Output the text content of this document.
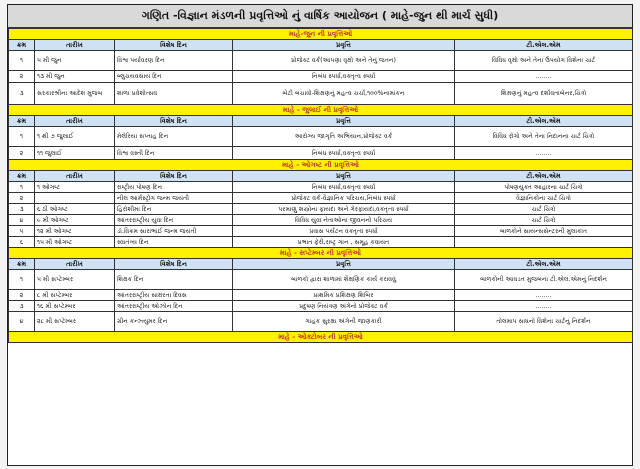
ગણિત -વિજ્ઞાન મંડળની પ્રવૃત્તિઓ નું વાર્ષિક આયોજન ( માહે-જુન થી માર્ચ સુધી)
માહે-જુન ની પ્રવૃત્તિઓ				
ક્રમ	તારીખ	વિશેષ દિન	પ્રવૃત્તિ	ટી.એલ.એમ
૧	૫ મી જુન	વિશ્વ પર્યાવરણ દિન	પ્રોજેક્ટ વર્ક(આપણા વૃક્ષો અને તેનું જતન)	વિવિધ વૃક્ષો અને તેના ઉપયોગ વિશેના ચાર્ટ
૨	૧૩ મી જુન	બ્લુચયવસાય દિન	નિબંધ સ્પર્ધા,વક્તૃત્વ સ્પર્ધા	........
૩	સરકારશ્રીના આદેશ મુજબ	શાળા પ્રવેશોત્સવ	બેટી બચાવો-શિક્ષણનું મહત્વ ચર્ચા,૧૦૦%નામાંકન	શિક્ષણનું મહત્વ દર્શાવતાબેનર,ચિત્રો
માહે - જુલાઈ ની પ્રવૃત્તિઓ				
ક્રમ	તારીખ	વિશેષ દિન	પ્રવૃત્તિ	ટી.એલ.એમ
૧	૧ થી ૭ જુલાઈ	મેલેરિયા સપ્તાહ દિન	આરોગ્ય જાગૃતિ અભિયાન,પ્રોજેક્ટ વર્ક	વિવિધ રોગો અને તેના નિદાનના ચાર્ટ ચિત્રો
૨	૧૧ જુલાઈ	વિશ્વ વસ્તી દિન	નિબંધ સ્પર્ધા,વક્તૃત્વ સ્પર્ધા	........
માહે - ઓગષ્ટ ની પ્રવૃત્તિઓ				
ક્રમ	તારીખ	વિશેષ દિન	પ્રવૃત્તિ	ટી.એલ.એમ
૧	૧ ઓગષ્ટ	રાષ્ટ્રીય પોષણ દિન	નિબંધ સ્પર્ધા,વક્તૃત્વ સ્પર્ધા	પોષણયુક્ત આહારના ચાર્ટ ચિત્રો
૨		નીલ આર્મસ્ટ્રોંગ જન્મ જયંતી	પ્રોજેક્ટ વર્ક-વૈજ્ઞાનિક પરિચય,નિબંધ સ્પર્ધા	વૈજ્ઞાનિકોના ચાર્ટ ચિત્રો
૩	૬ ઠી ઓગષ્ટ	હિરોશીમા દિન	પરમાણુ શસ્ત્રોના ફાયદા અને ગેરફાયદા,વક્તૃત્વ સ્પર્ધા	ચાર્ટ ચિત્રો
૪	૯ મી ઓગષ્ટ	આંતરરાષ્ટ્રીય યુવા દિન	વિવિધ યુવા નેતાઓના જીવનનો પરિચય	ચાર્ટ ચિત્રો
૫	૧૨ મી ઓગષ્ટ	ડૉ.વિક્રમ સારાભાઈ જન્મ જયંતી	પ્રવાસ પર્યટન વક્તૃત્વ સ્પર્ધા	બાળકોને સાયન્સસેન્ટરની મુલાકાત
૬	૧૫ મી ઓગષ્ટ	સ્વાતંત્ર્ય દિન	પ્રભાત ફેરી,રાષ્ટ્ર ગાન , સમૂહ કવાયત	
માહે - સપ્ટેમ્બર ની પ્રવૃત્તિઓ				
ક્રમ	તારીખ	વિશેષ દિન	પ્રવૃત્તિ	ટી.એલ.એમ
૧	૫ મી સપ્ટેમ્બર	શિક્ષક દિન	બાળકો દ્વારા શાળામાં શૈક્ષણિક કાર્ય કરાવવું	બાળકોની આવડત મુજબના ટી.એલ.એમનું નિદર્શન
૨	૮ મી સપ્ટેમ્બર	આંતરરાષ્ટ્રીય સાક્ષરતા દિવસ	પ્રાથમિક પ્રશિક્ષણ શિબિર	........
૩	૧૬ મી સપ્ટેમ્બર	આંતરરાષ્ટ્રીય ઓઝોન દિન	પ્રદુષણ નિયંત્રણ અંગેનો પ્રોજેક્ટ વર્ક	........
૪	૨૮ મી સપ્ટેમ્બર	ગ્રીન કન્ઝ્યુમર દિન	ગાહક સુરક્ષા અંગેની જાણકારી	તોલમાપ સાધનો વિશેના ચાર્ટનુ નિદર્શન
માહે - ઓક્ટોબર ની પ્રવૃત્તિઓ				
